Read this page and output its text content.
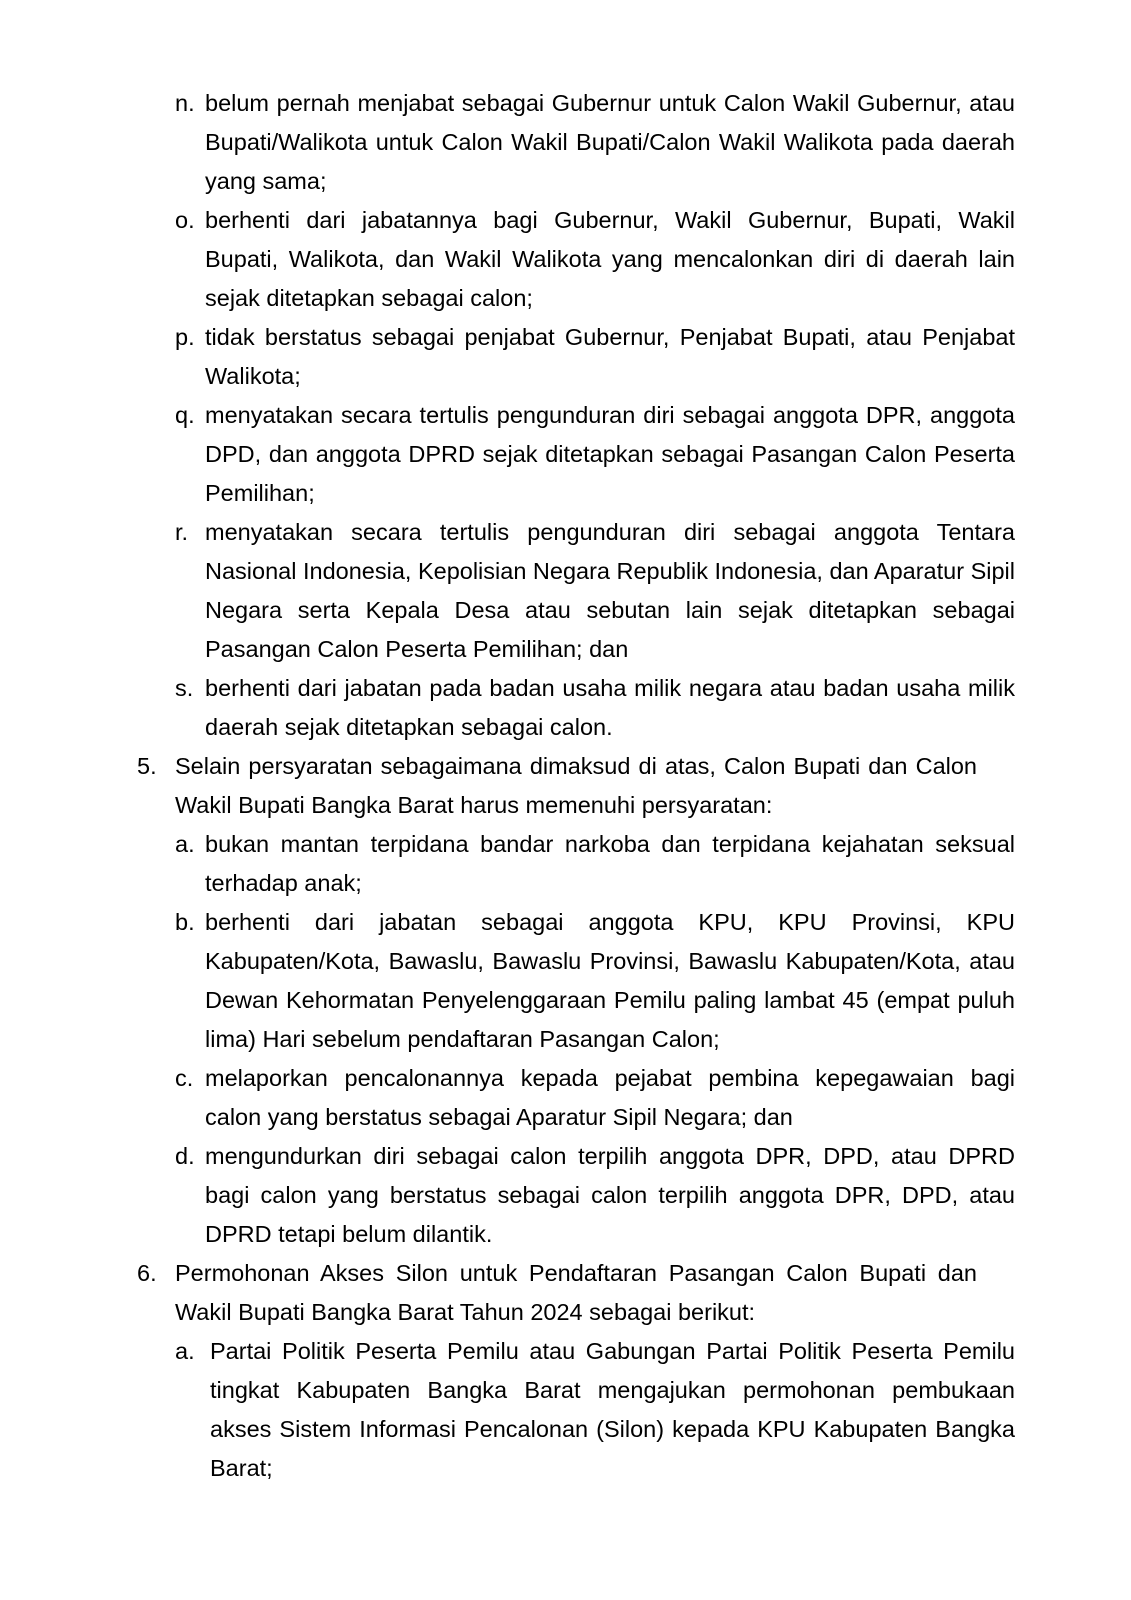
n. belum pernah menjabat sebagai Gubernur untuk Calon Wakil Gubernur, atau Bupati/Walikota untuk Calon Wakil Bupati/Calon Wakil Walikota pada daerah yang sama;
o. berhenti dari jabatannya bagi Gubernur, Wakil Gubernur, Bupati, Wakil Bupati, Walikota, dan Wakil Walikota yang mencalonkan diri di daerah lain sejak ditetapkan sebagai calon;
p. tidak berstatus sebagai penjabat Gubernur, Penjabat Bupati, atau Penjabat Walikota;
q. menyatakan secara tertulis pengunduran diri sebagai anggota DPR, anggota DPD, dan anggota DPRD sejak ditetapkan sebagai Pasangan Calon Peserta Pemilihan;
r. menyatakan secara tertulis pengunduran diri sebagai anggota Tentara Nasional Indonesia, Kepolisian Negara Republik Indonesia, dan Aparatur Sipil Negara serta Kepala Desa atau sebutan lain sejak ditetapkan sebagai Pasangan Calon Peserta Pemilihan; dan
s. berhenti dari jabatan pada badan usaha milik negara atau badan usaha milik daerah sejak ditetapkan sebagai calon.
5. Selain persyaratan sebagaimana dimaksud di atas, Calon Bupati dan Calon Wakil Bupati Bangka Barat harus memenuhi persyaratan:
a. bukan mantan terpidana bandar narkoba dan terpidana kejahatan seksual terhadap anak;
b. berhenti dari jabatan sebagai anggota KPU, KPU Provinsi, KPU Kabupaten/Kota, Bawaslu, Bawaslu Provinsi, Bawaslu Kabupaten/Kota, atau Dewan Kehormatan Penyelenggaraan Pemilu paling lambat 45 (empat puluh lima) Hari sebelum pendaftaran Pasangan Calon;
c. melaporkan pencalonannya kepada pejabat pembina kepegawaian bagi calon yang berstatus sebagai Aparatur Sipil Negara; dan
d. mengundurkan diri sebagai calon terpilih anggota DPR, DPD, atau DPRD bagi calon yang berstatus sebagai calon terpilih anggota DPR, DPD, atau DPRD tetapi belum dilantik.
6. Permohonan Akses Silon untuk Pendaftaran Pasangan Calon Bupati dan Wakil Bupati Bangka Barat Tahun 2024 sebagai berikut:
a. Partai Politik Peserta Pemilu atau Gabungan Partai Politik Peserta Pemilu tingkat Kabupaten Bangka Barat mengajukan permohonan pembukaan akses Sistem Informasi Pencalonan (Silon) kepada KPU Kabupaten Bangka Barat;
